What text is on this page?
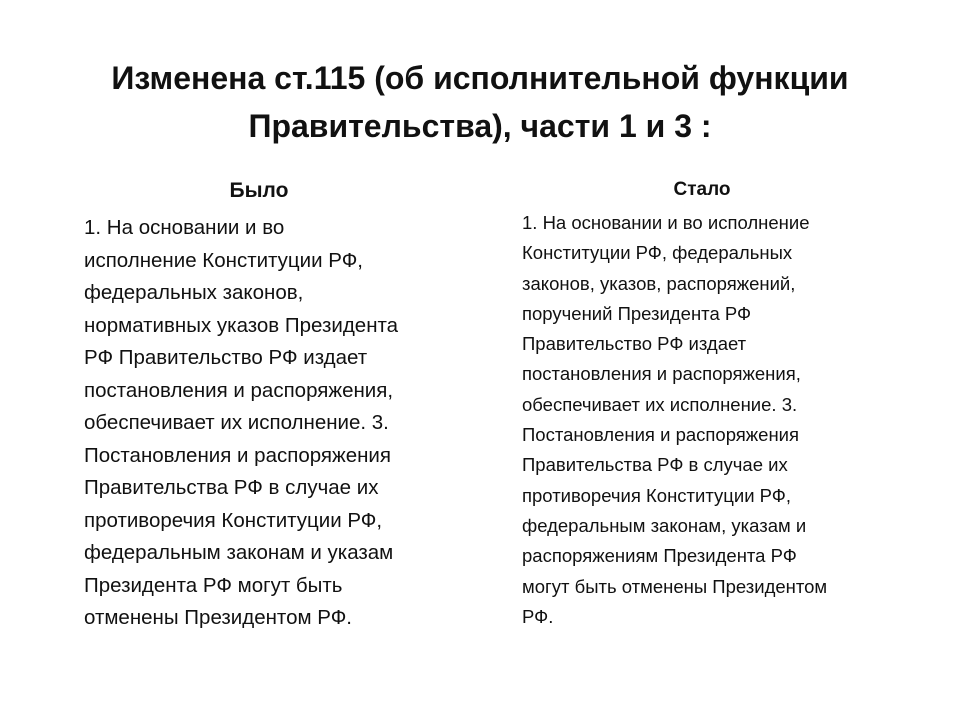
Изменена ст.115 (об исполнительной функции
Правительства), части 1 и 3 :
Было
1. На основании и во
исполнение Конституции РФ,
федеральных законов,
нормативных указов Президента
РФ Правительство РФ издает
постановления и распоряжения,
обеспечивает их исполнение. 3.
Постановления и распоряжения
Правительства РФ в случае их
противоречия Конституции РФ,
федеральным законам и указам
Президента РФ могут быть
отменены Президентом РФ.
Стало
1. На основании и во исполнение
Конституции РФ, федеральных
законов, указов, распоряжений,
поручений Президента РФ
Правительство РФ издает
постановления и распоряжения,
обеспечивает их исполнение. 3.
Постановления и распоряжения
Правительства РФ в случае их
противоречия Конституции РФ,
федеральным законам, указам и
распоряжениям Президента РФ
могут быть отменены Президентом
РФ.
